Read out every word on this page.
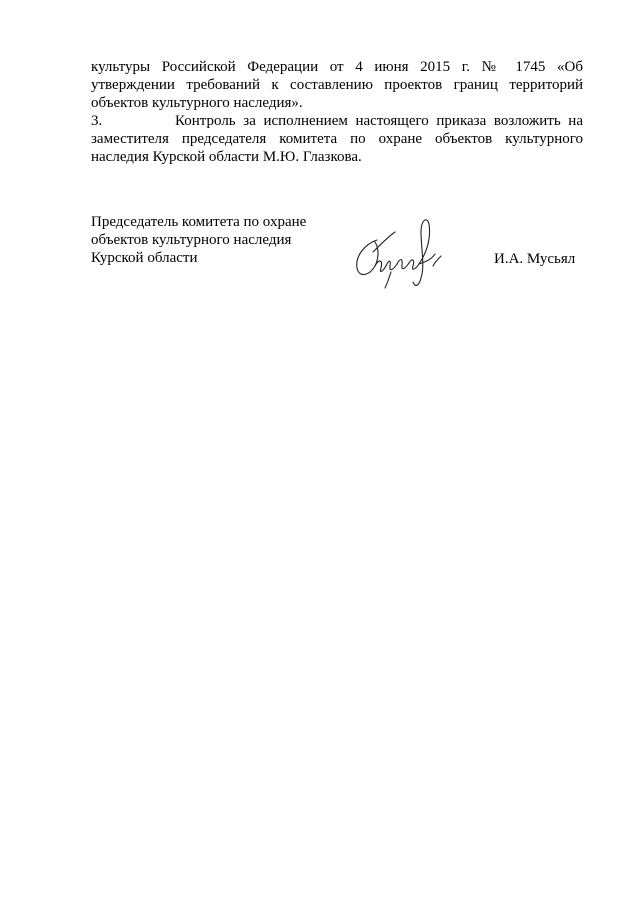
культуры Российской Федерации от 4 июня 2015 г. № 1745 «Об
утверждении требований к составлению проектов границ территорий
объектов культурного наследия».
3.	Контроль за исполнением настоящего приказа возложить на
заместителя председателя комитета по охране объектов культурного
наследия Курской области М.Ю. Глазкова.
Председатель комитета по охране
объектов культурного наследия
Курской области	И.А. Мусьял
